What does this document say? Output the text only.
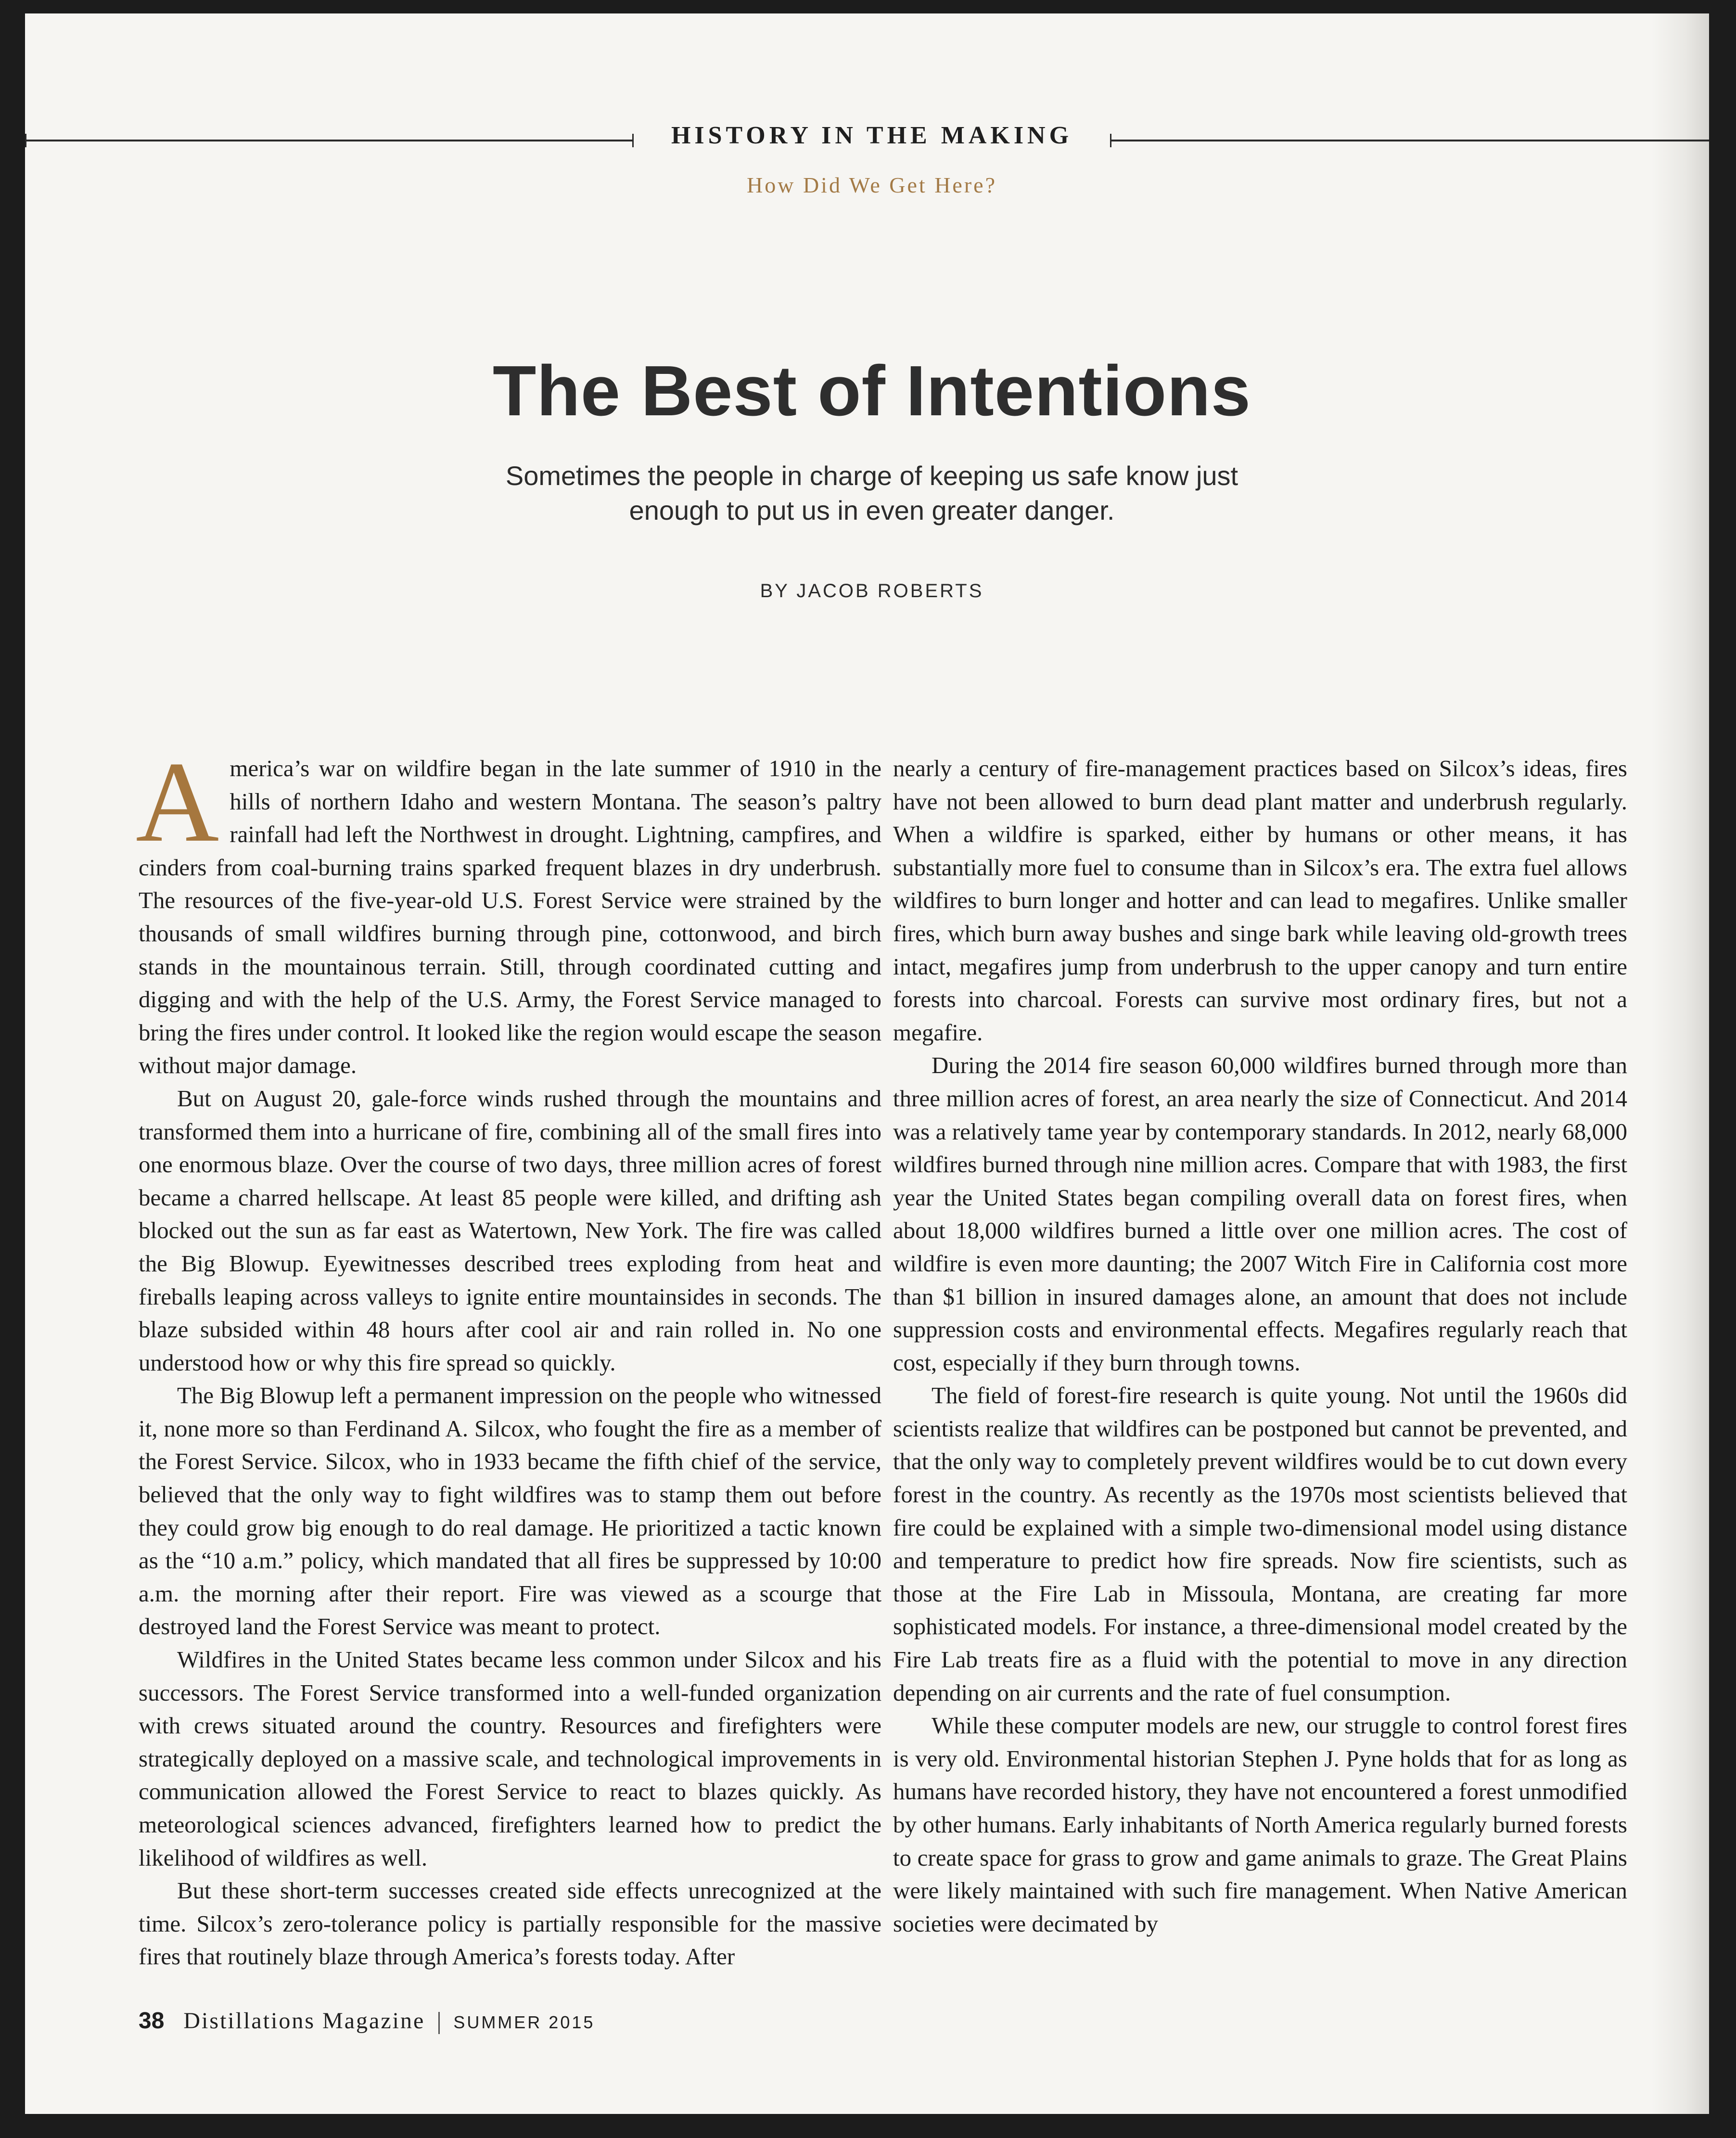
HISTORY IN THE MAKING
How Did We Get Here?
The Best of Intentions
Sometimes the people in charge of keeping us safe know just enough to put us in even greater danger.
BY JACOB ROBERTS

America’s war on wildfire began in the late summer of 1910 in the hills of northern Idaho and western Montana. The season’s paltry rainfall had left the Northwest in drought. Lightning, campfires, and cinders from coal-burning trains sparked frequent blazes in dry underbrush. The resources of the five-year-old U.S. Forest Service were strained by the thousands of small wildfires burning through pine, cottonwood, and birch stands in the mountainous terrain. Still, through coordinated cutting and digging and with the help of the U.S. Army, the Forest Service managed to bring the fires under control. It looked like the region would escape the season without major damage.

But on August 20, gale-force winds rushed through the mountains and transformed them into a hurricane of fire, combining all of the small fires into one enormous blaze. Over the course of two days, three million acres of forest became a charred hellscape. At least 85 people were killed, and drifting ash blocked out the sun as far east as Watertown, New York. The fire was called the Big Blowup. Eyewitnesses described trees exploding from heat and fireballs leaping across valleys to ignite entire mountainsides in seconds. The blaze subsided within 48 hours after cool air and rain rolled in. No one understood how or why this fire spread so quickly.

The Big Blowup left a permanent impression on the people who witnessed it, none more so than Ferdinand A. Silcox, who fought the fire as a member of the Forest Service. Silcox, who in 1933 became the fifth chief of the service, believed that the only way to fight wildfires was to stamp them out before they could grow big enough to do real damage. He prioritized a tactic known as the “10 a.m.” policy, which mandated that all fires be suppressed by 10:00 a.m. the morning after their report. Fire was viewed as a scourge that destroyed land the Forest Service was meant to protect.

Wildfires in the United States became less common under Silcox and his successors. The Forest Service transformed into a well-funded organization with crews situated around the country. Resources and firefighters were strategically deployed on a massive scale, and technological improvements in communication allowed the Forest Service to react to blazes quickly. As meteorological sciences advanced, firefighters learned how to predict the likelihood of wildfires as well.

But these short-term successes created side effects unrecognized at the time. Silcox’s zero-tolerance policy is partially responsible for the massive fires that routinely blaze through America’s forests today. After

nearly a century of fire-management practices based on Silcox’s ideas, fires have not been allowed to burn dead plant matter and underbrush regularly. When a wildfire is sparked, either by humans or other means, it has substantially more fuel to consume than in Silcox’s era. The extra fuel allows wildfires to burn longer and hotter and can lead to megafires. Unlike smaller fires, which burn away bushes and singe bark while leaving old-growth trees intact, megafires jump from underbrush to the upper canopy and turn entire forests into charcoal. Forests can survive most ordinary fires, but not a megafire.

During the 2014 fire season 60,000 wildfires burned through more than three million acres of forest, an area nearly the size of Connecticut. And 2014 was a relatively tame year by contemporary standards. In 2012, nearly 68,000 wildfires burned through nine million acres. Compare that with 1983, the first year the United States began compiling overall data on forest fires, when about 18,000 wildfires burned a little over one million acres. The cost of wildfire is even more daunting; the 2007 Witch Fire in California cost more than $1 billion in insured damages alone, an amount that does not include suppression costs and environmental effects. Megafires regularly reach that cost, especially if they burn through towns.

The field of forest-fire research is quite young. Not until the 1960s did scientists realize that wildfires can be postponed but cannot be prevented, and that the only way to completely prevent wildfires would be to cut down every forest in the country. As recently as the 1970s most scientists believed that fire could be explained with a simple two-dimensional model using distance and temperature to predict how fire spreads. Now fire scientists, such as those at the Fire Lab in Missoula, Montana, are creating far more sophisticated models. For instance, a three-dimensional model created by the Fire Lab treats fire as a fluid with the potential to move in any direction depending on air currents and the rate of fuel consumption.

While these computer models are new, our struggle to control forest fires is very old. Environmental historian Stephen J. Pyne holds that for as long as humans have recorded history, they have not encountered a forest unmodified by other humans. Early inhabitants of North America regularly burned forests to create space for grass to grow and game animals to graze. The Great Plains were likely maintained with such fire management. When Native American societies were decimated by

38 Distillations Magazine SUMMER 2015
